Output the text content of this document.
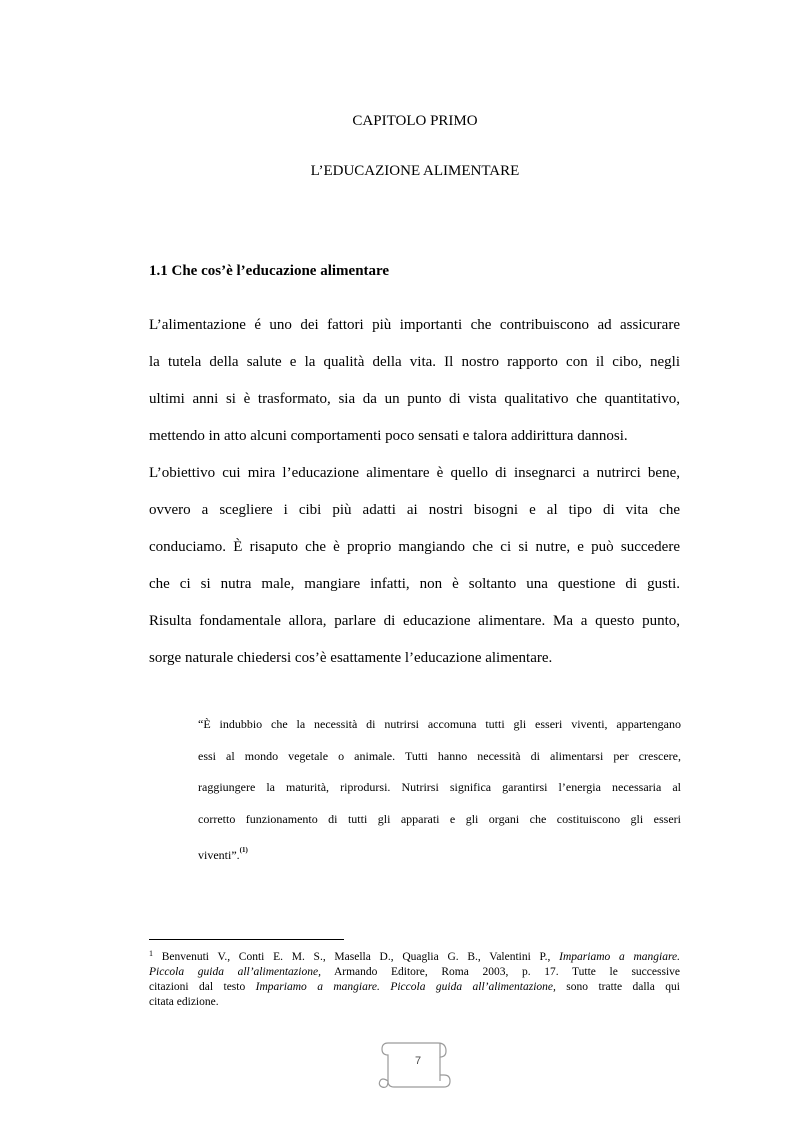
CAPITOLO PRIMO
L’EDUCAZIONE ALIMENTARE
1.1 Che cos’è l’educazione alimentare
L’alimentazione é uno dei fattori più importanti che contribuiscono ad assicurare
la tutela della salute e la qualità della vita. Il nostro rapporto con il cibo, negli
ultimi anni si è trasformato, sia da un punto di vista qualitativo che quantitativo,
mettendo in atto alcuni comportamenti poco sensati e talora addirittura dannosi.
L’obiettivo cui mira l’educazione alimentare è quello di insegnarci a nutrirci bene,
ovvero a scegliere i cibi più adatti ai nostri bisogni e al tipo di vita che
conduciamo. È risaputo che è proprio mangiando che ci si nutre, e può succedere
che ci si nutra male, mangiare infatti, non è soltanto una questione di gusti.
Risulta fondamentale allora, parlare di educazione alimentare. Ma a questo punto,
sorge naturale chiedersi cos’è esattamente l’educazione alimentare.
“È indubbio che la necessità di nutrirsi accomuna tutti gli esseri viventi, appartengano
essi al mondo vegetale o animale. Tutti hanno necessità di alimentarsi per crescere,
raggiungere la maturità, riprodursi. Nutrirsi significa garantirsi l’energia necessaria al
corretto funzionamento di tutti gli apparati e gli organi che costituiscono gli esseri
viventi”.$^{(1)}$
$^1$ Benvenuti V., Conti E. M. S., Masella D., Quaglia G. B., Valentini P., Impariamo a mangiare.
Piccola guida all’alimentazione, Armando Editore, Roma 2003, p. 17. Tutte le successive
citazioni dal testo Impariamo a mangiare. Piccola guida all’alimentazione, sono tratte dalla qui
citata edizione.
7
